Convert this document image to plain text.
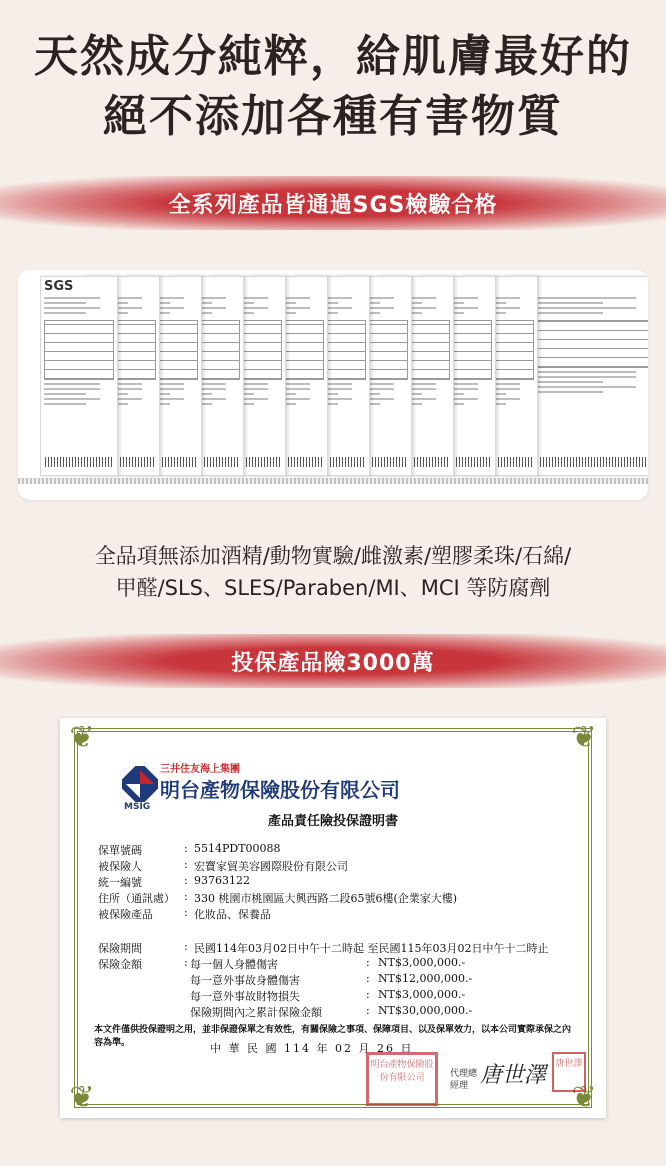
天然成分純粹，給肌膚最好的
絕不添加各種有害物質
全系列產品皆通過SGS檢驗合格
SGS
全品項無添加酒精/動物實驗/雌激素/塑膠柔珠/石綿/
甲醛/SLS、SLES/Paraben/MI、MCI 等防腐劑
投保產品險3000萬
❦	❦
❦	❦
MSIG
三井住友海上集團
明台產物保險股份有限公司
產品責任險投保證明書
保單號碼	: 5514PDT00088
被保險人	: 宏寶家貿美容國際股份有限公司
統一編號	: 93763122
住所（通訊處） : 330 桃園市桃園區大興西路二段65號6樓(企業家大樓)
被保險產品	: 化妝品、保養品
保險期間	: 民國114年03月02日中午十二時起 至民國115年03月02日中午十二時止
保險金額	: 每一個人身體傷害	: NT$3,000,000.-
每一意外事故身體傷害	: NT$12,000,000.-
每一意外事故財物損失	: NT$3,000,000.-
保險期間內之累計保險金額	: NT$30,000,000.-
本文件僅供投保證明之用，並非保證保單之有效性，有關保險之事項、保障項目、以及保單效力，以本公司實際承保之內容為準。	中 華 民 國 114 年 02 月 26 日
明台產物保險股份有限公司	代理總經理 唐世澤	唐世澤
